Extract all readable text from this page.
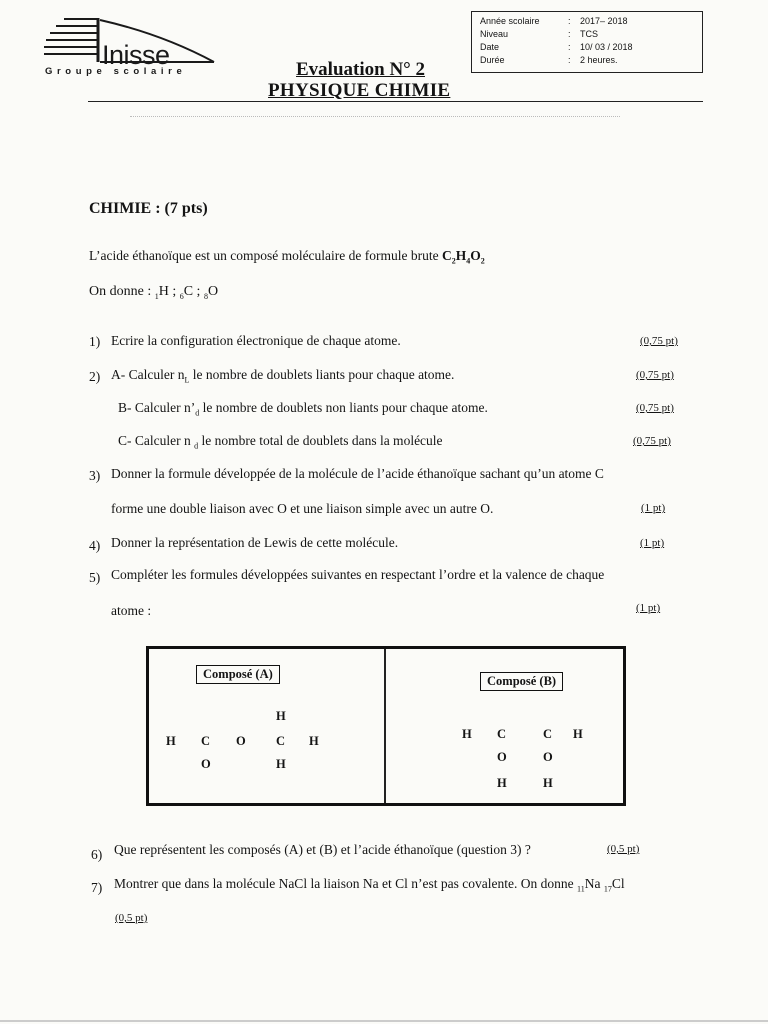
Inisse
Groupe scolaire
Année scolaire	: 2017– 2018
Niveau	: TCS
Date	: 10/ 03 / 2018
Durée	: 2 heures.
Evaluation N° 2
PHYSIQUE CHIMIE
CHIMIE : (7 pts)
L’acide éthanoïque est un composé moléculaire de formule brute $C_2H_4O_2$
On donne : $_1$H ; $_6$C ; $_8$O
1) Ecrire la configuration électronique de chaque atome.	(0,75 pt)
2) A- Calculer $n_L$ le nombre de doublets liants pour chaque atome.	(0,75 pt)
B- Calculer $n’_d$ le nombre de doublets non liants pour chaque atome.	(0,75 pt)
C- Calculer n $_d$ le nombre total de doublets dans la molécule	(0,75 pt)
3) Donner la formule développée de la molécule de l’acide éthanoïque sachant qu’un atome C
forme une double liaison avec O et une liaison simple avec un autre O.	(1 pt)
4) Donner la représentation de Lewis de cette molécule.	(1 pt)
5) Compléter les formules développées suivantes en respectant l’ordre et la valence de chaque
atome :	(1 pt)
Composé (A)
H
H C O C H
O	H
Composé (B)
H C	C H
O	O
H	H
6) Que représentent les composés (A) et (B) et l’acide éthanoïque (question 3) ?	(0,5 pt)
7) Montrer que dans la molécule NaCl la liaison Na et Cl n’est pas covalente. On donne $_{11}$Na $_{17}$Cl
(0,5 pt)
